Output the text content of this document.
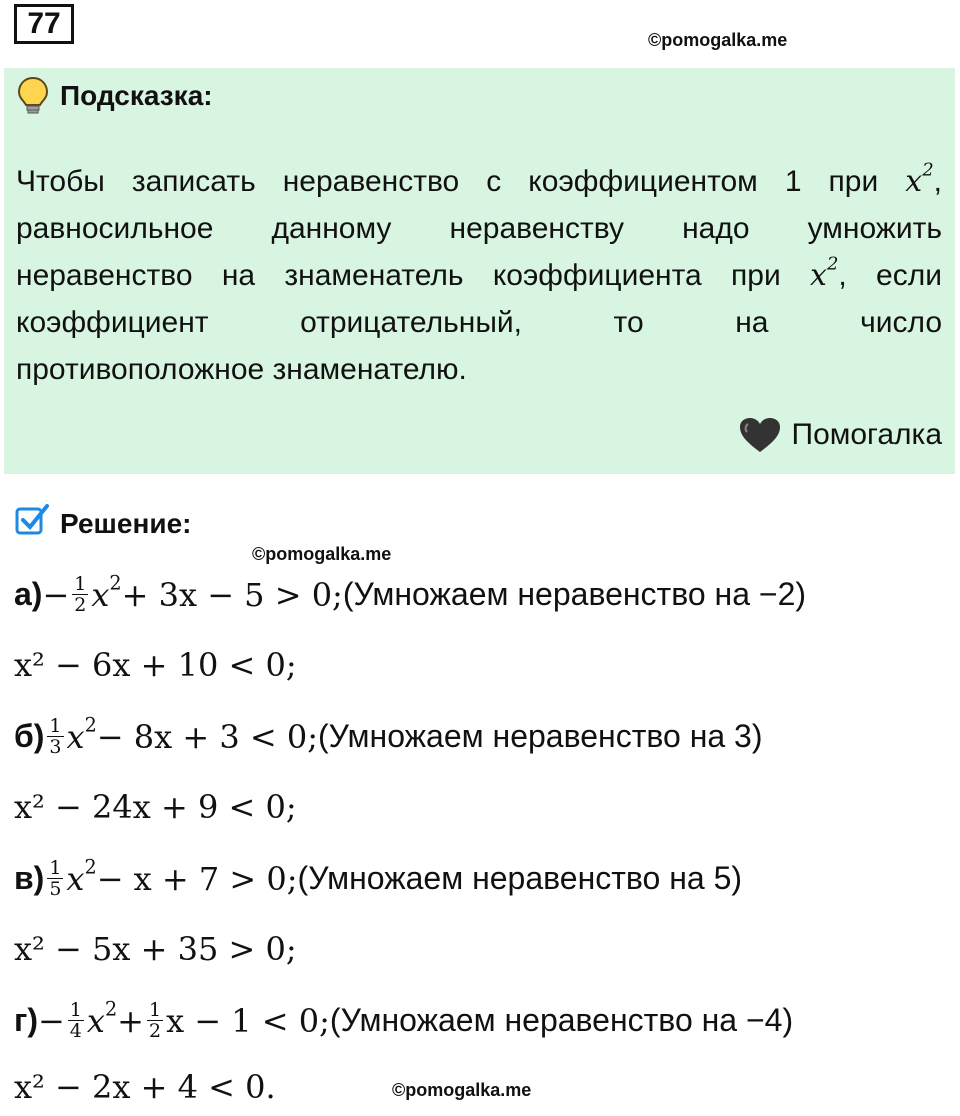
77	©pomogalka.me
Подсказка:
Чтобы записать неравенство с коэффициентом 1 при $x^2$,
равносильное данному неравенству надо умножить
неравенство на знаменатель коэффициента при $x^2$, если
коэффициент отрицательный, то на число
противоположное знаменателю.
Помогалка
Решение:
©pomogalka.me
$а) - \frac{1}{2} x^2 + 3x - 5 > 0$; (Умножаем неравенство на −2)
x² − 6x + 10 < 0;
$б) \frac{1}{3} x^2 - 8x + 3 < 0$; (Умножаем неравенство на 3)
x² − 24x + 9 < 0;
$в) \frac{1}{5} x^2 - x + 7 > 0$; (Умножаем неравенство на 5)
x² − 5x + 35 > 0;
$г) - \frac{1}{4} x^2 + \frac{1}{2}$ x − 1 < 0; (Умножаем неравенство на −4)
x² − 2x + 4 < 0.	©pomogalka.me
